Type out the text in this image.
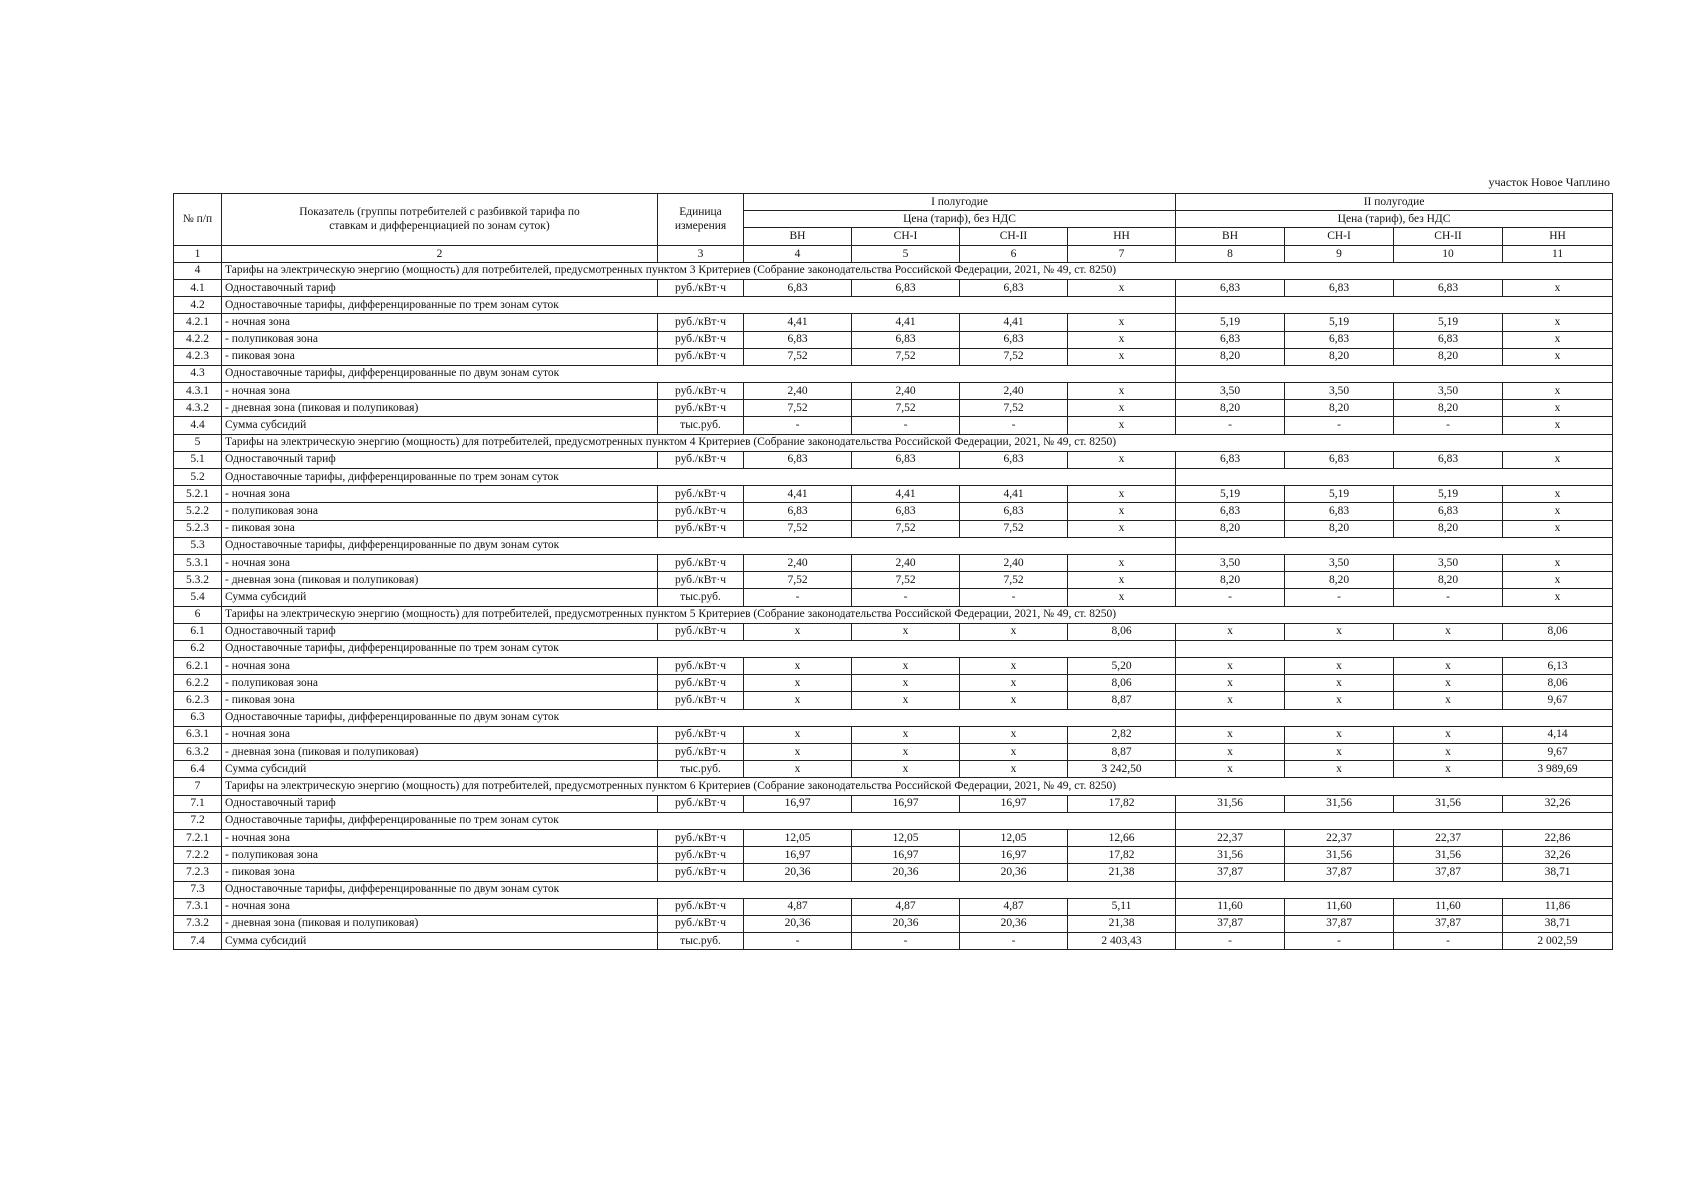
участок Новое Чаплино
№ п/п	Показатель (группы потребителей с разбивкой тарифа по ставкам и дифференциацией по зонам суток)	Единица измерения	I полугодие				II полугодие			
			Цена (тариф), без НДС				Цена (тариф), без НДС			
			ВН	СН-I	СН-II	НН	ВН	СН-I	СН-II	НН
1	2	3	4	5	6	7	8	9	10	11
4	Тарифы на электрическую энергию (мощность) для потребителей, предусмотренных пунктом 3 Критериев (Собрание законодательства Российской Федерации, 2021, № 49, ст. 8250)									
4.1	Одноставочный тариф	руб./кВт·ч	6,83	6,83	6,83	х	6,83	6,83	6,83	х
4.2	Одноставочные тарифы, дифференцированные по трем зонам суток									
4.2.1	- ночная зона	руб./кВт·ч	4,41	4,41	4,41	х	5,19	5,19	5,19	х
4.2.2	- полупиковая зона	руб./кВт·ч	6,83	6,83	6,83	х	6,83	6,83	6,83	х
4.2.3	- пиковая зона	руб./кВт·ч	7,52	7,52	7,52	х	8,20	8,20	8,20	х
4.3	Одноставочные тарифы, дифференцированные по двум зонам суток									
4.3.1	- ночная зона	руб./кВт·ч	2,40	2,40	2,40	х	3,50	3,50	3,50	х
4.3.2	- дневная зона (пиковая и полупиковая)	руб./кВт·ч	7,52	7,52	7,52	х	8,20	8,20	8,20	х
4.4	Сумма субсидий	тыс.руб.	-	-	-	х	-	-	-	х
5	Тарифы на электрическую энергию (мощность) для потребителей, предусмотренных пунктом 4 Критериев (Собрание законодательства Российской Федерации, 2021, № 49, ст. 8250)									
5.1	Одноставочный тариф	руб./кВт·ч	6,83	6,83	6,83	х	6,83	6,83	6,83	х
5.2	Одноставочные тарифы, дифференцированные по трем зонам суток									
5.2.1	- ночная зона	руб./кВт·ч	4,41	4,41	4,41	х	5,19	5,19	5,19	х
5.2.2	- полупиковая зона	руб./кВт·ч	6,83	6,83	6,83	х	6,83	6,83	6,83	х
5.2.3	- пиковая зона	руб./кВт·ч	7,52	7,52	7,52	х	8,20	8,20	8,20	х
5.3	Одноставочные тарифы, дифференцированные по двум зонам суток									
5.3.1	- ночная зона	руб./кВт·ч	2,40	2,40	2,40	х	3,50	3,50	3,50	х
5.3.2	- дневная зона (пиковая и полупиковая)	руб./кВт·ч	7,52	7,52	7,52	х	8,20	8,20	8,20	х
5.4	Сумма субсидий	тыс.руб.	-	-	-	х	-	-	-	х
6	Тарифы на электрическую энергию (мощность) для потребителей, предусмотренных пунктом 5 Критериев (Собрание законодательства Российской Федерации, 2021, № 49, ст. 8250)									
6.1	Одноставочный тариф	руб./кВт·ч	х	х	х	8,06	х	х	х	8,06
6.2	Одноставочные тарифы, дифференцированные по трем зонам суток									
6.2.1	- ночная зона	руб./кВт·ч	х	х	х	5,20	х	х	х	6,13
6.2.2	- полупиковая зона	руб./кВт·ч	х	х	х	8,06	х	х	х	8,06
6.2.3	- пиковая зона	руб./кВт·ч	х	х	х	8,87	х	х	х	9,67
6.3	Одноставочные тарифы, дифференцированные по двум зонам суток									
6.3.1	- ночная зона	руб./кВт·ч	х	х	х	2,82	х	х	х	4,14
6.3.2	- дневная зона (пиковая и полупиковая)	руб./кВт·ч	х	х	х	8,87	х	х	х	9,67
6.4	Сумма субсидий	тыс.руб.	х	х	х	3 242,50	х	х	х	3 989,69
7	Тарифы на электрическую энергию (мощность) для потребителей, предусмотренных пунктом 6 Критериев (Собрание законодательства Российской Федерации, 2021, № 49, ст. 8250)									
7.1	Одноставочный тариф	руб./кВт·ч	16,97	16,97	16,97	17,82	31,56	31,56	31,56	32,26
7.2	Одноставочные тарифы, дифференцированные по трем зонам суток									
7.2.1	- ночная зона	руб./кВт·ч	12,05	12,05	12,05	12,66	22,37	22,37	22,37	22,86
7.2.2	- полупиковая зона	руб./кВт·ч	16,97	16,97	16,97	17,82	31,56	31,56	31,56	32,26
7.2.3	- пиковая зона	руб./кВт·ч	20,36	20,36	20,36	21,38	37,87	37,87	37,87	38,71
7.3	Одноставочные тарифы, дифференцированные по двум зонам суток									
7.3.1	- ночная зона	руб./кВт·ч	4,87	4,87	4,87	5,11	11,60	11,60	11,60	11,86
7.3.2	- дневная зона (пиковая и полупиковая)	руб./кВт·ч	20,36	20,36	20,36	21,38	37,87	37,87	37,87	38,71
7.4	Сумма субсидий	тыс.руб.	-	-	-	2 403,43	-	-	-	2 002,59
